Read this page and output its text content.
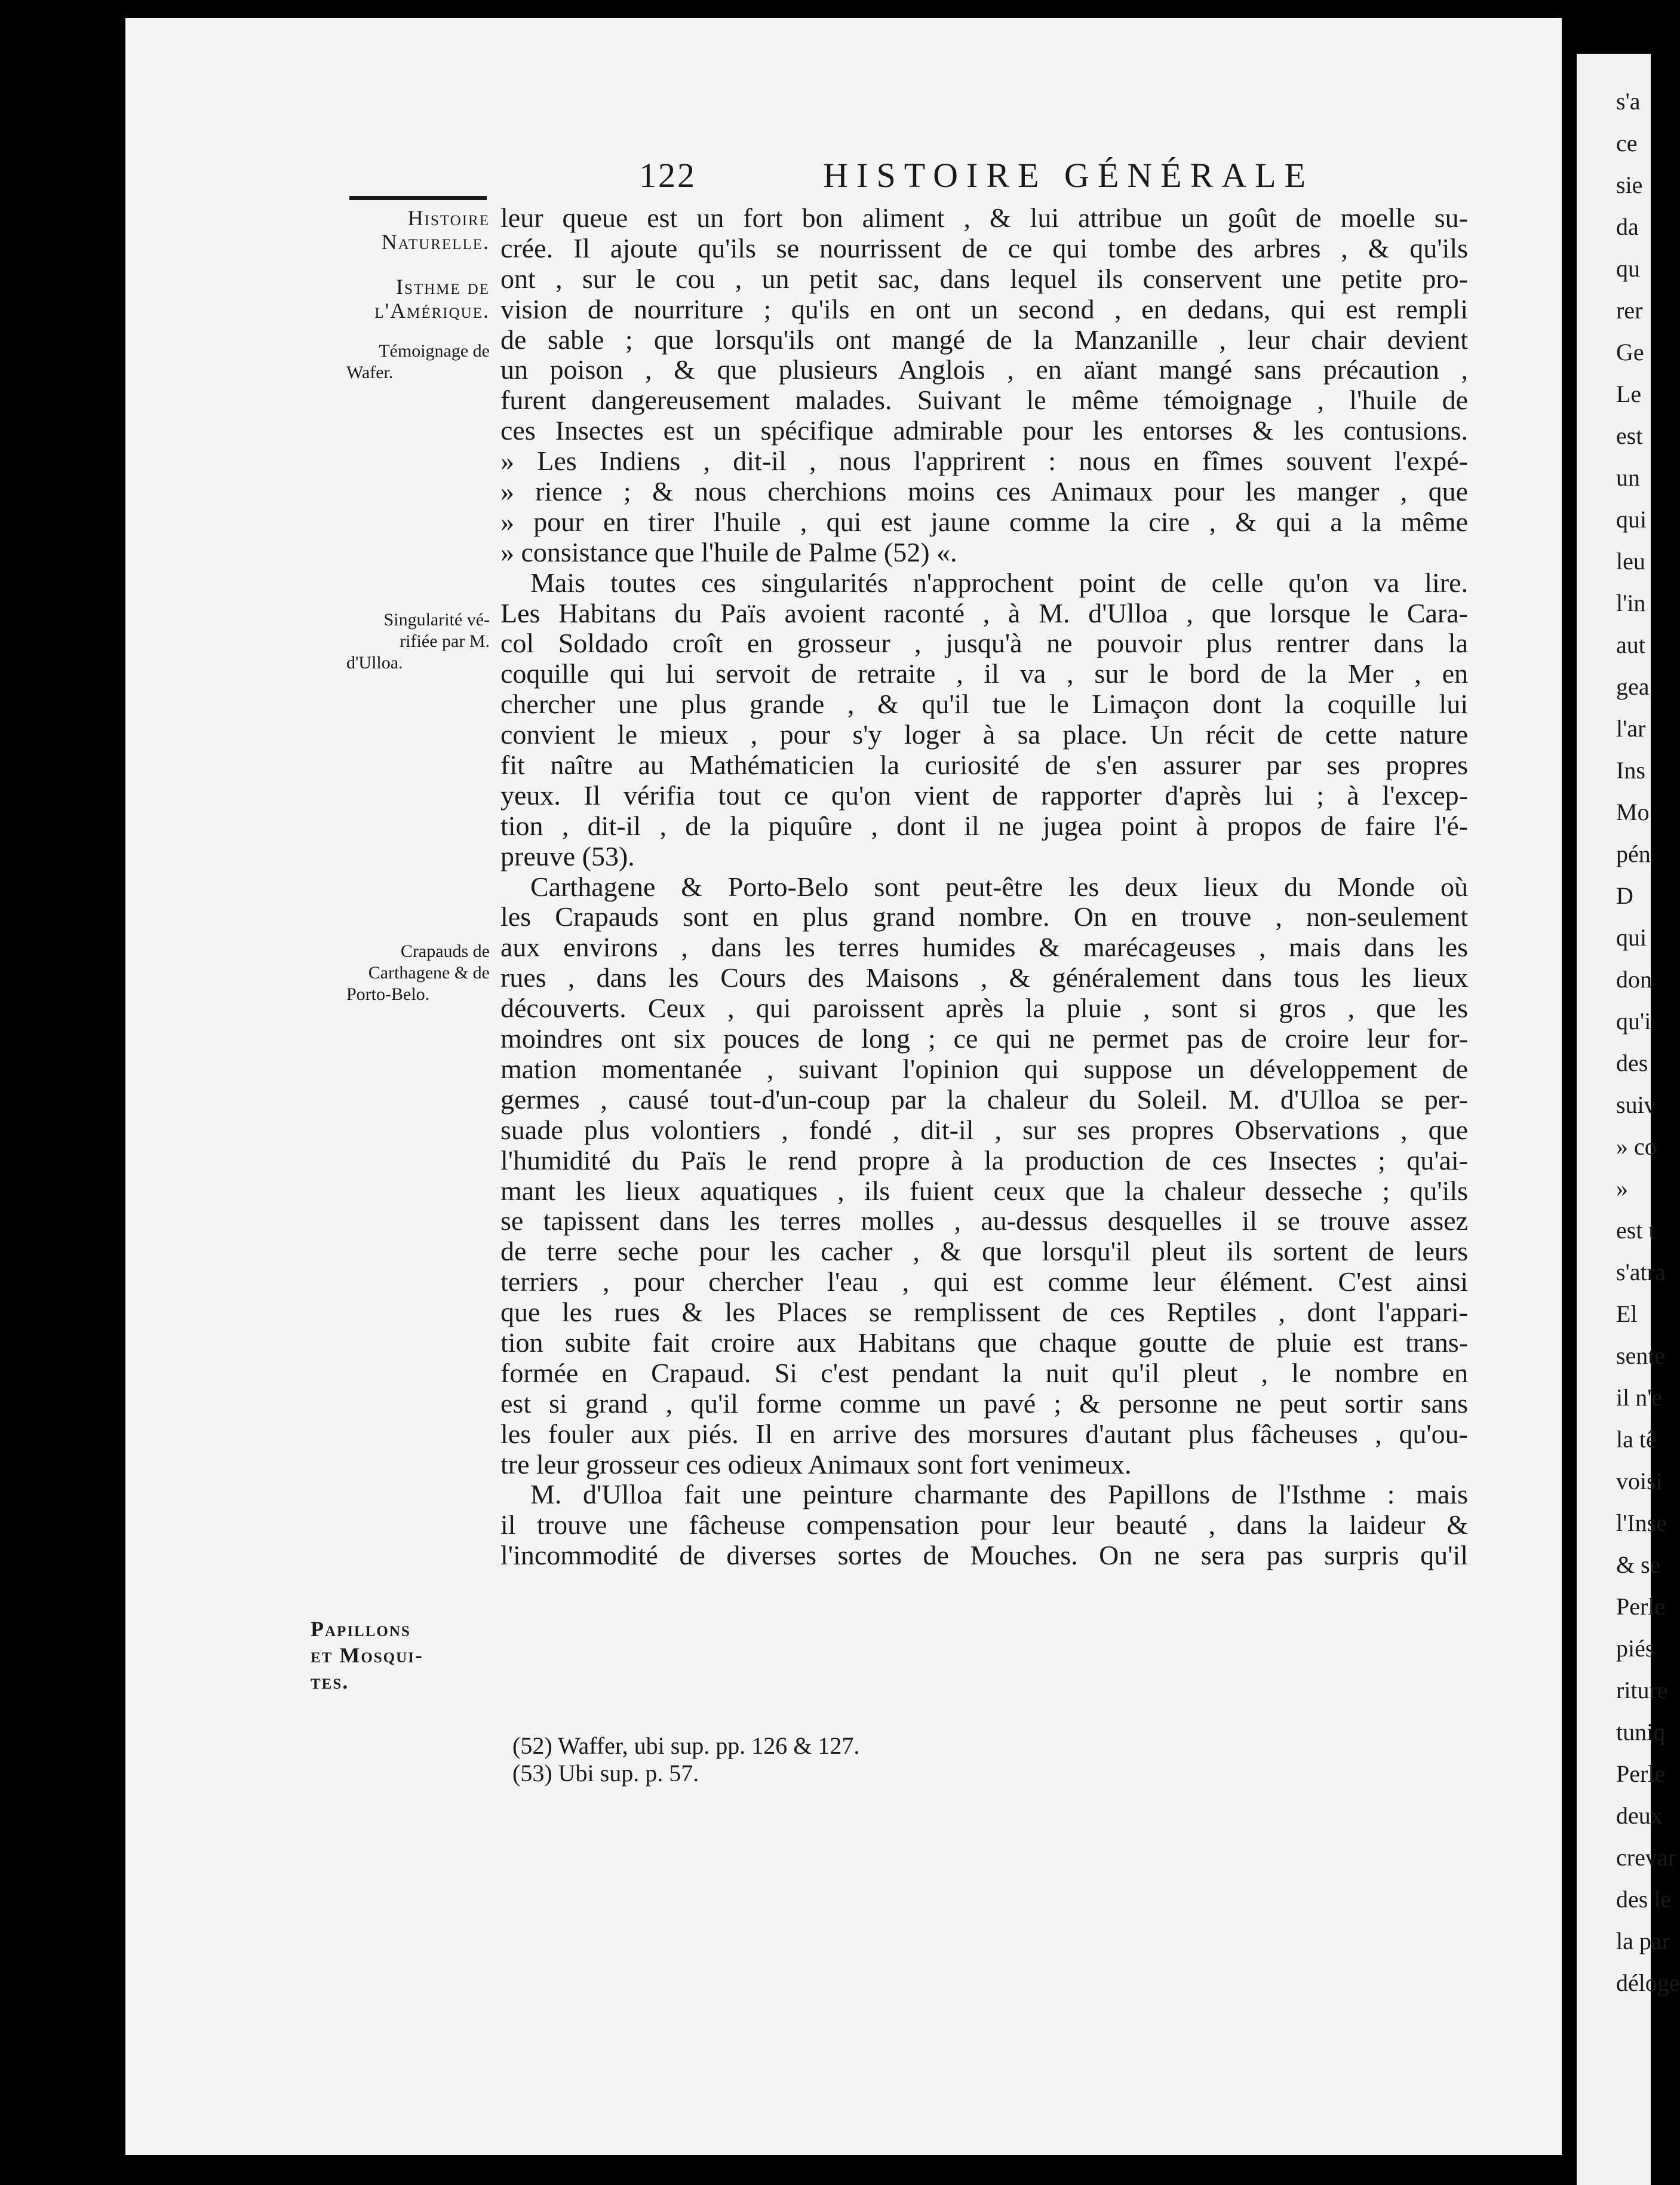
s'a
ce
sie
da
qu
rer
Ge
Le
est
un
qui
leu
l'in
aut
gea
l'ar
Ins
Mo
pén
D
qui
don
qu'i
des
suiv
» co
»
est t
s'atra
El
sente
il n'e
la tê
voisi
l'Inse
& se
Perle
piés
riture
tuniq
Perle
deux
crevar
des le
la par
déloge
122	HISTOIRE GÉNÉRALE
Histoire
Naturelle.
Isthme de
l'Amérique.
Témoignage de
Wafer.
Singularité vé-
rifiée par M.
d'Ulloa.
Crapauds de
Carthagene & de
Porto-Belo.
Papillons
et Mosqui-
tes.
leur queue est un fort bon aliment , & lui attribue un goût de moelle su-
crée. Il ajoute qu'ils se nourrissent de ce qui tombe des arbres , & qu'ils
ont , sur le cou , un petit sac, dans lequel ils conservent une petite pro-
vision de nourriture ; qu'ils en ont un second , en dedans, qui est rempli
de sable ; que lorsqu'ils ont mangé de la Manzanille , leur chair devient
un poison , & que plusieurs Anglois , en aïant mangé sans précaution ,
furent dangereusement malades. Suivant le même témoignage , l'huile de
ces Insectes est un spécifique admirable pour les entorses & les contusions.
» Les Indiens , dit-il , nous l'apprirent : nous en fîmes souvent l'expé-
» rience ; & nous cherchions moins ces Animaux pour les manger , que
» pour en tirer l'huile , qui est jaune comme la cire , & qui a la même
» consistance que l'huile de Palme (52) «.
Mais toutes ces singularités n'approchent point de celle qu'on va lire.
Les Habitans du Païs avoient raconté , à M. d'Ulloa , que lorsque le Cara-
col Soldado croît en grosseur , jusqu'à ne pouvoir plus rentrer dans la
coquille qui lui servoit de retraite , il va , sur le bord de la Mer , en
chercher une plus grande , & qu'il tue le Limaçon dont la coquille lui
convient le mieux , pour s'y loger à sa place. Un récit de cette nature
fit naître au Mathématicien la curiosité de s'en assurer par ses propres
yeux. Il vérifia tout ce qu'on vient de rapporter d'après lui ; à l'excep-
tion , dit-il , de la piquûre , dont il ne jugea point à propos de faire l'é-
preuve (53).
Carthagene & Porto-Belo sont peut-être les deux lieux du Monde où
les Crapauds sont en plus grand nombre. On en trouve , non-seulement
aux environs , dans les terres humides & marécageuses , mais dans les
rues , dans les Cours des Maisons , & généralement dans tous les lieux
découverts. Ceux , qui paroissent après la pluie , sont si gros , que les
moindres ont six pouces de long ; ce qui ne permet pas de croire leur for-
mation momentanée , suivant l'opinion qui suppose un développement de
germes , causé tout-d'un-coup par la chaleur du Soleil. M. d'Ulloa se per-
suade plus volontiers , fondé , dit-il , sur ses propres Observations , que
l'humidité du Païs le rend propre à la production de ces Insectes ; qu'ai-
mant les lieux aquatiques , ils fuient ceux que la chaleur desseche ; qu'ils
se tapissent dans les terres molles , au-dessus desquelles il se trouve assez
de terre seche pour les cacher , & que lorsqu'il pleut ils sortent de leurs
terriers , pour chercher l'eau , qui est comme leur élément. C'est ainsi
que les rues & les Places se remplissent de ces Reptiles , dont l'appari-
tion subite fait croire aux Habitans que chaque goutte de pluie est trans-
formée en Crapaud. Si c'est pendant la nuit qu'il pleut , le nombre en
est si grand , qu'il forme comme un pavé ; & personne ne peut sortir sans
les fouler aux piés. Il en arrive des morsures d'autant plus fâcheuses , qu'ou-
tre leur grosseur ces odieux Animaux sont fort venimeux.
M. d'Ulloa fait une peinture charmante des Papillons de l'Isthme : mais
il trouve une fâcheuse compensation pour leur beauté , dans la laideur &
l'incommodité de diverses sortes de Mouches. On ne sera pas surpris qu'il
(52) Waffer, ubi sup. pp. 126 & 127.
(53) Ubi sup. p. 57.
